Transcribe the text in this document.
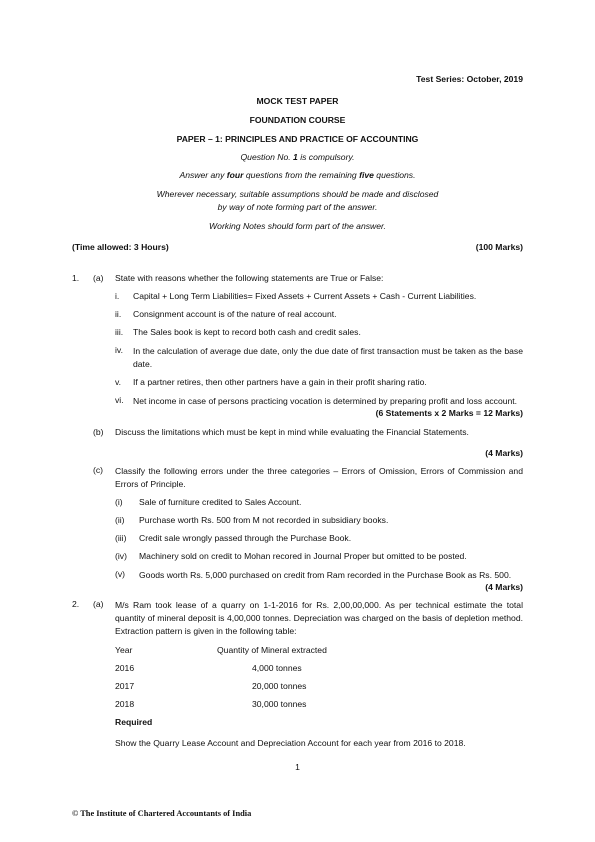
Test Series: October, 2019
MOCK TEST PAPER
FOUNDATION COURSE
PAPER – 1: PRINCIPLES AND PRACTICE OF ACCOUNTING
Question No. 1 is compulsory.
Answer any four questions from the remaining five questions.
Wherever necessary, suitable assumptions should be made and disclosed
by way of note forming part of the answer.
Working Notes should form part of the answer.
(Time allowed: 3 Hours)	(100 Marks)
1. (a) State with reasons whether the following statements are True or False:
i. Capital + Long Term Liabilities= Fixed Assets + Current Assets + Cash - Current Liabilities.
ii. Consignment account is of the nature of real account.
iii. The Sales book is kept to record both cash and credit sales.
iv. In the calculation of average due date, only the due date of first transaction must be taken as the base date.
v. If a partner retires, then other partners have a gain in their profit sharing ratio.
vi. Net income in case of persons practicing vocation is determined by preparing profit and loss account.
(6 Statements x 2 Marks = 12 Marks)
(b) Discuss the limitations which must be kept in mind while evaluating the Financial Statements.
(4 Marks)
(c) Classify the following errors under the three categories – Errors of Omission, Errors of Commission and Errors of Principle.
(i) Sale of furniture credited to Sales Account.
(ii) Purchase worth Rs. 500 from M not recorded in subsidiary books.
(iii) Credit sale wrongly passed through the Purchase Book.
(iv) Machinery sold on credit to Mohan recored in Journal Proper but omitted to be posted.
(v) Goods worth Rs. 5,000 purchased on credit from Ram recorded in the Purchase Book as Rs. 500.
(4 Marks)
2. (a) M/s Ram took lease of a quarry on 1-1-2016 for Rs. 2,00,00,000. As per technical estimate the total quantity of mineral deposit is 4,00,000 tonnes. Depreciation was charged on the basis of depletion method. Extraction pattern is given in the following table:
Year	Quantity of Mineral extracted
2016	4,000 tonnes
2017	20,000 tonnes
2018	30,000 tonnes
Required
Show the Quarry Lease Account and Depreciation Account for each year from 2016 to 2018.
1
© The Institute of Chartered Accountants of India
